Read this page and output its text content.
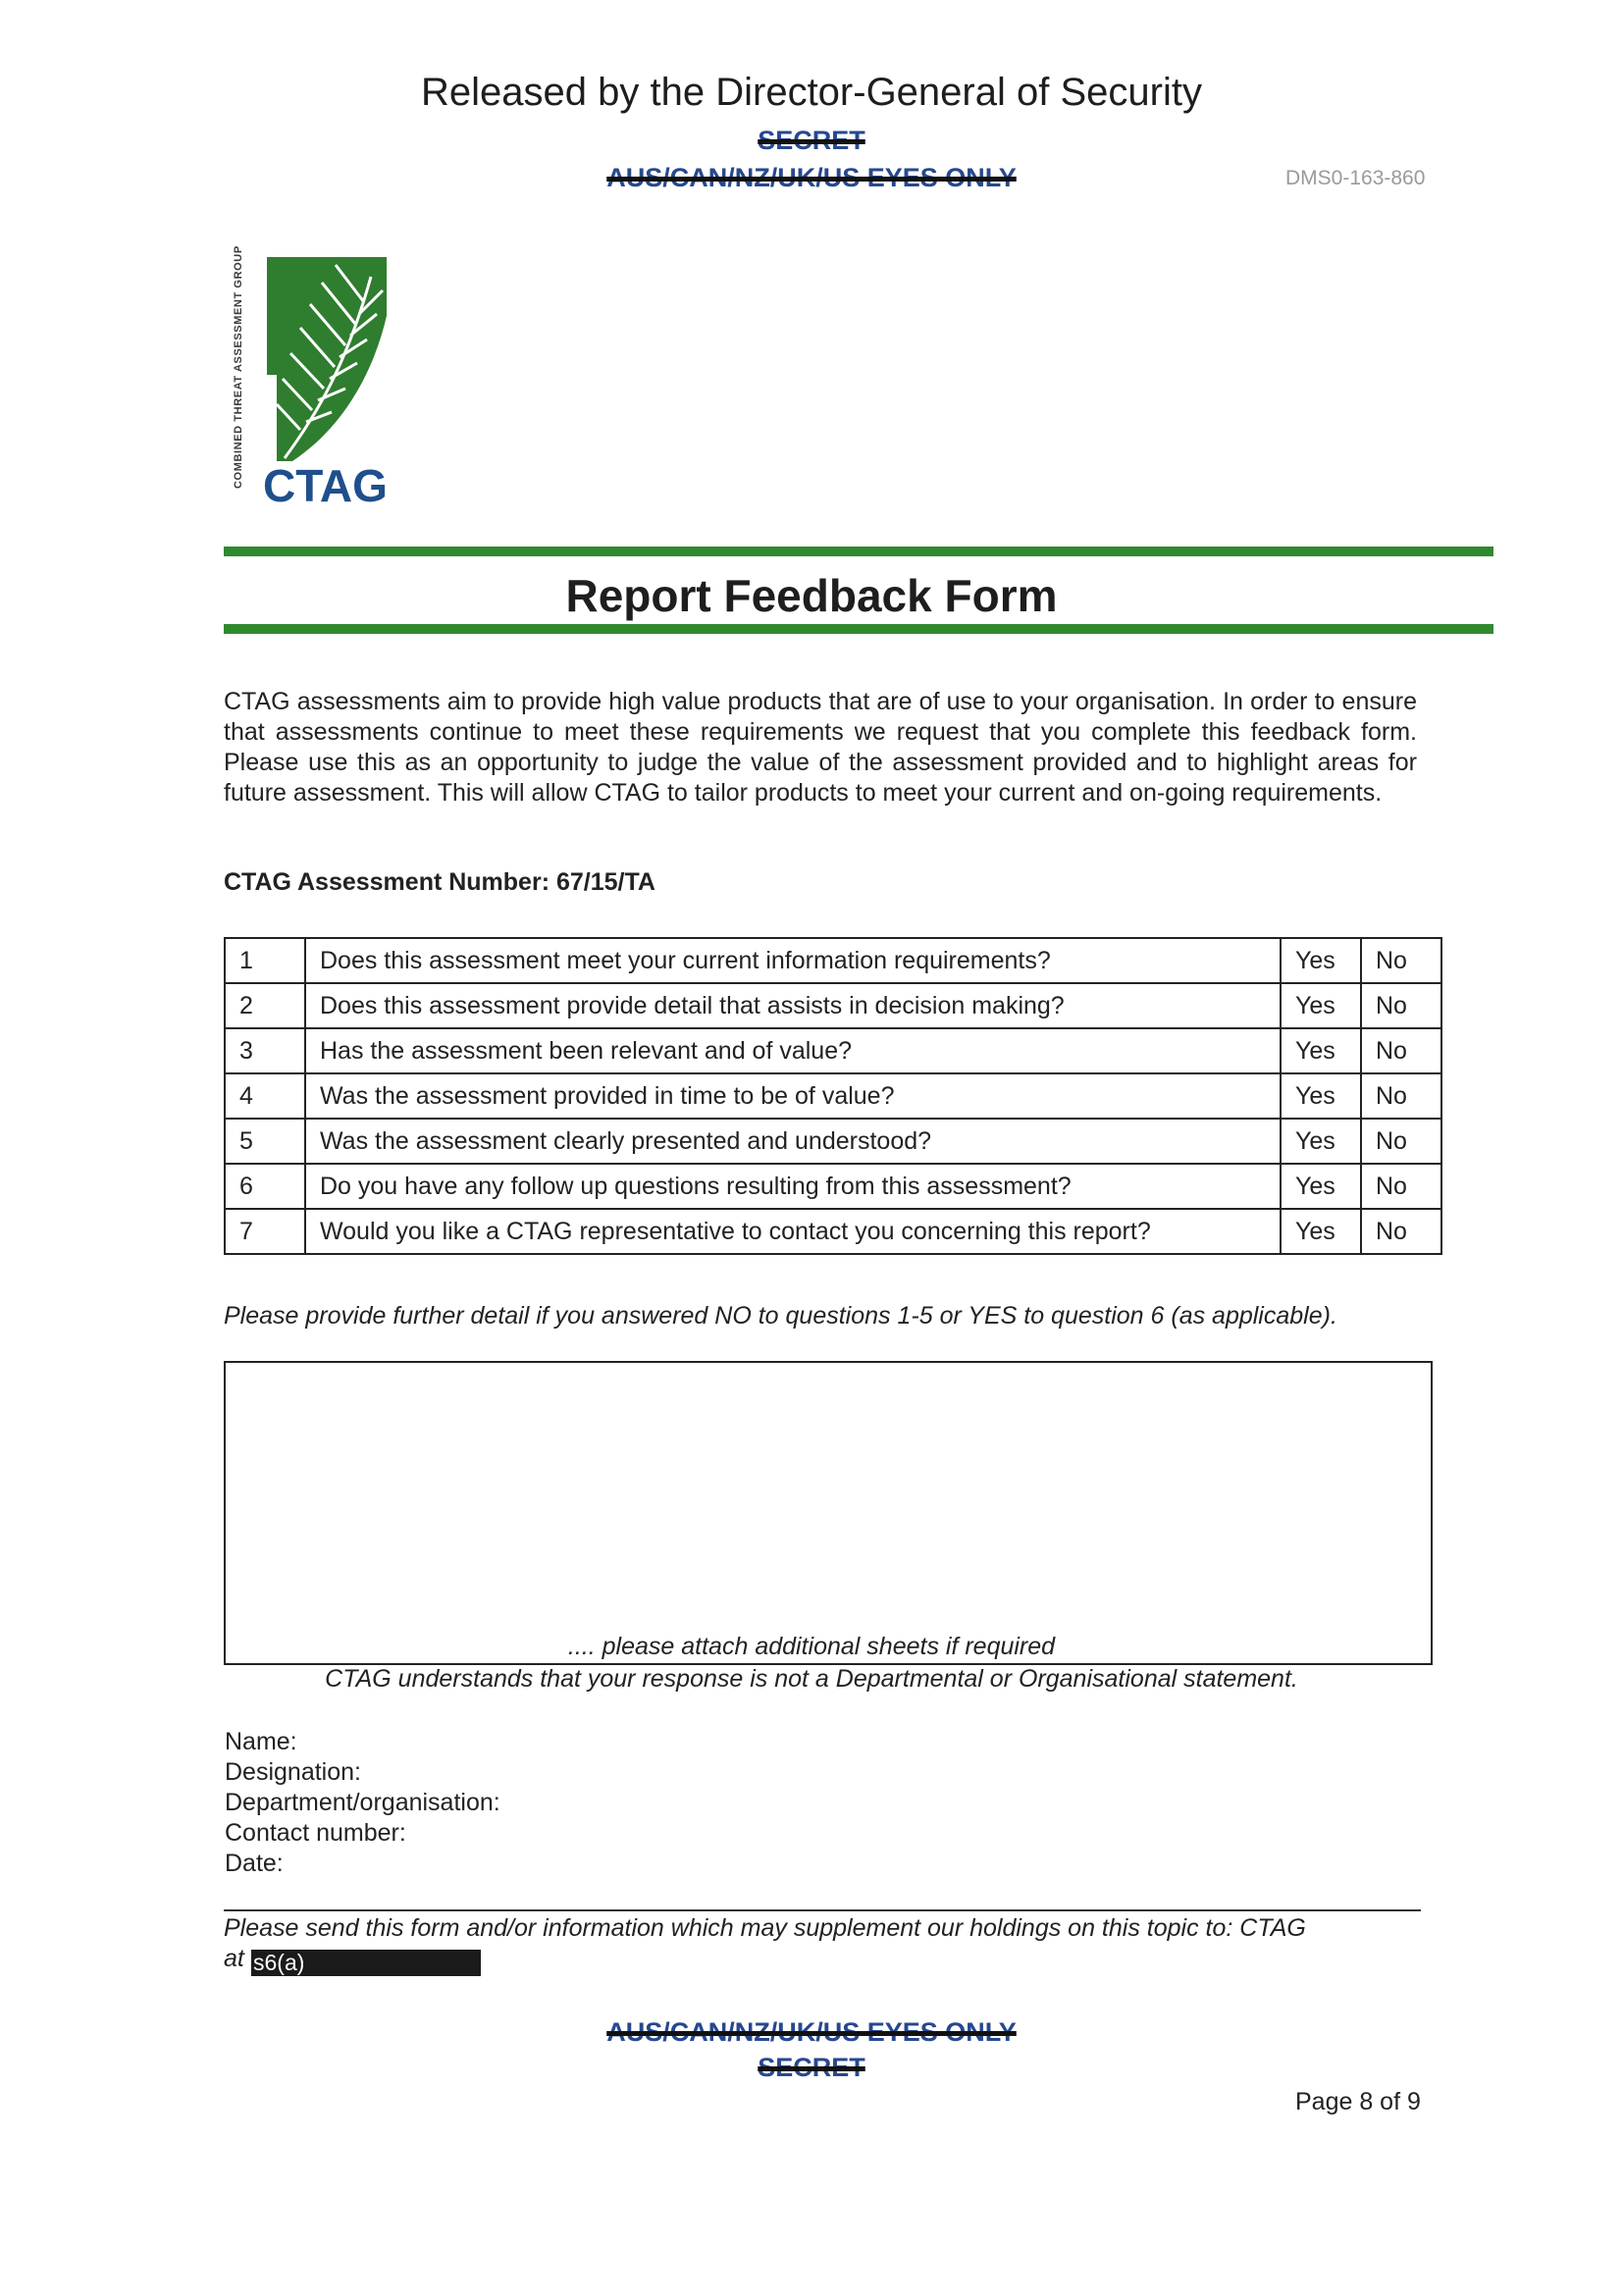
Released by the Director-General of Security
SECRET
AUS/CAN/NZ/UK/US EYES ONLY	DMS0-163-860
COMBINED THREAT ASSESSMENT GROUP CTAG
Report Feedback Form
CTAG assessments aim to provide high value products that are of use to your organisation. In order to ensure that assessments continue to meet these requirements we request that you complete this feedback form. Please use this as an opportunity to judge the value of the assessment provided and to highlight areas for future assessment. This will allow CTAG to tailor products to meet your current and on-going requirements.
CTAG Assessment Number: 67/15/TA
1	Does this assessment meet your current information requirements?	Yes	No
2	Does this assessment provide detail that assists in decision making?	Yes	No
3	Has the assessment been relevant and of value?	Yes	No
4	Was the assessment provided in time to be of value?	Yes	No
5	Was the assessment clearly presented and understood?	Yes	No
6	Do you have any follow up questions resulting from this assessment?	Yes	No
7	Would you like a CTAG representative to contact you concerning this report?	Yes	No
Please provide further detail if you answered NO to questions 1-5 or YES to question 6 (as applicable).
.... please attach additional sheets if required
CTAG understands that your response is not a Departmental or Organisational statement.
Name:
Designation:
Department/organisation:
Contact number:
Date:
Please send this form and/or information which may supplement our holdings on this topic to: CTAG
at s6(a)
AUS/CAN/NZ/UK/US EYES ONLY
SECRET
Page 8 of 9
